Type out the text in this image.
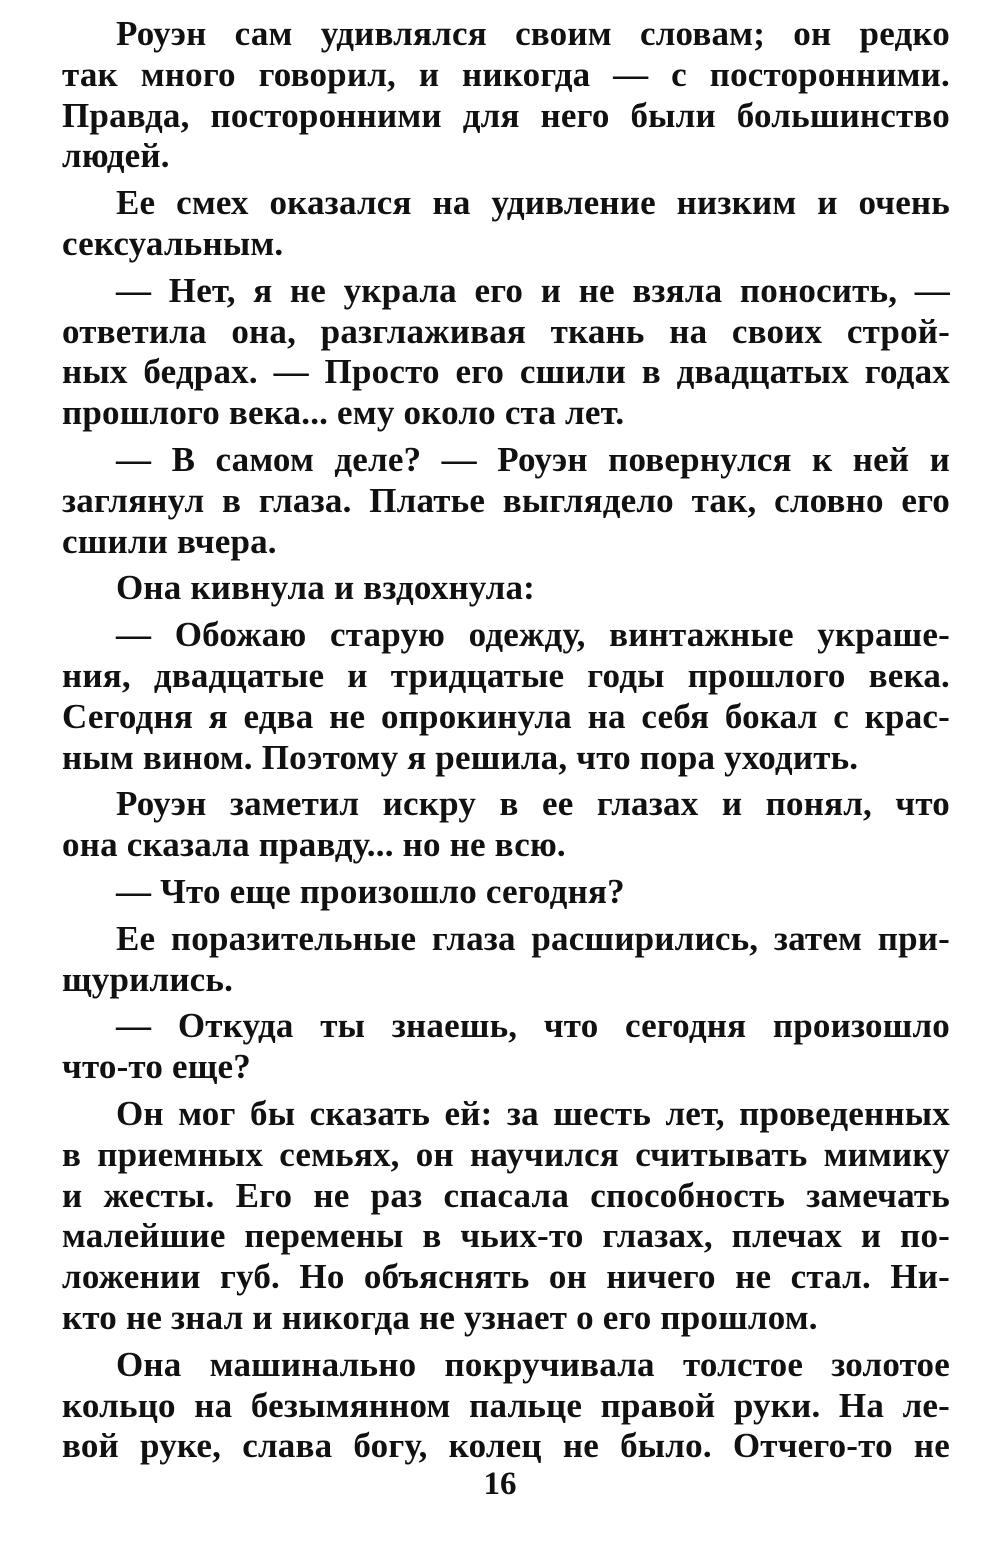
Роуэн сам удивлялся своим словам; он редко
так много говорил, и никогда — с посторонними.
Правда, посторонними для него были большинство
людей.
Ее смех оказался на удивление низким и очень
сексуальным.
— Нет, я не украла его и не взяла поносить, —
ответила она, разглаживая ткань на своих строй-
ных бедрах. — Просто его сшили в двадцатых годах
прошлого века... ему около ста лет.
— В самом деле? — Роуэн повернулся к ней и
заглянул в глаза. Платье выглядело так, словно его
сшили вчера.
Она кивнула и вздохнула:
— Обожаю старую одежду, винтажные украше-
ния, двадцатые и тридцатые годы прошлого века.
Сегодня я едва не опрокинула на себя бокал с крас-
ным вином. Поэтому я решила, что пора уходить.
Роуэн заметил искру в ее глазах и понял, что
она сказала правду... но не всю.
— Что еще произошло сегодня?
Ее поразительные глаза расширились, затем при-
щурились.
— Откуда ты знаешь, что сегодня произошло
что-то еще?
Он мог бы сказать ей: за шесть лет, проведенных
в приемных семьях, он научился считывать мимику
и жесты. Его не раз спасала способность замечать
малейшие перемены в чьих-то глазах, плечах и по-
ложении губ. Но объяснять он ничего не стал. Ни-
кто не знал и никогда не узнает о его прошлом.
Она машинально покручивала толстое золотое
кольцо на безымянном пальце правой руки. На ле-
вой руке, слава богу, колец не было. Отчего-то не
16
